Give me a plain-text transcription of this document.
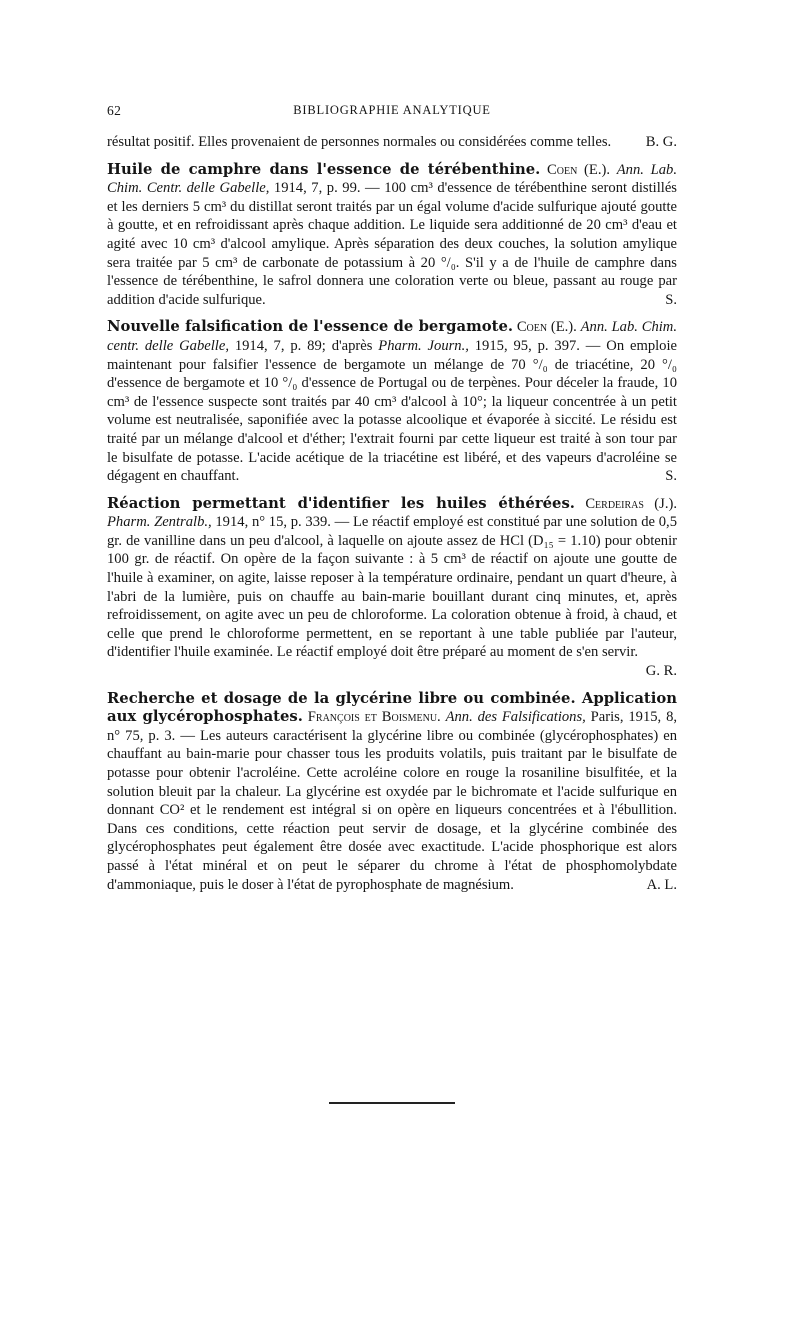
62	BIBLIOGRAPHIE ANALYTIQUE

résultat positif. Elles provenaient de personnes normales ou considérées comme telles.	B. G.

Huile de camphre dans l'essence de térébenthine. Coen (E.). Ann. Lab. Chim. Centr. delle Gabelle, 1914, 7, p. 99. — 100 cm³ d'essence de térébenthine seront distillés et les derniers 5 cm³ du distillat seront traités par un égal volume d'acide sulfurique ajouté goutte à goutte, et en refroidissant après chaque addition. Le liquide sera additionné de 20 cm³ d'eau et agité avec 10 cm³ d'alcool amylique. Après séparation des deux couches, la solution amylique sera traitée par 5 cm³ de carbonate de potassium à 20 °/₀. S'il y a de l'huile de camphre dans l'essence de térébenthine, le safrol donnera une coloration verte ou bleue, passant au rouge par addition d'acide sulfurique.	S.

Nouvelle falsification de l'essence de bergamote. Coen (E.). Ann. Lab. Chim. centr. delle Gabelle, 1914, 7, p. 89; d'après Pharm. Journ., 1915, 95, p. 397. — On emploie maintenant pour falsifier l'essence de bergamote un mélange de 70 °/₀ de triacétine, 20 °/₀ d'essence de bergamote et 10 °/₀ d'essence de Portugal ou de terpènes. Pour déceler la fraude, 10 cm³ de l'essence suspecte sont traités par 40 cm³ d'alcool à 10°; la liqueur concentrée à un petit volume est neutralisée, saponifiée avec la potasse alcoolique et évaporée à siccité. Le résidu est traité par un mélange d'alcool et d'éther; l'extrait fourni par cette liqueur est traité à son tour par le bisulfate de potasse. L'acide acétique de la triacétine est libéré, et des vapeurs d'acroléine se dégagent en chauffant.	S.

Réaction permettant d'identifier les huiles éthérées. Cerdeiras (J.). Pharm. Zentralb., 1914, n° 15, p. 339. — Le réactif employé est constitué par une solution de 0,5 gr. de vanilline dans un peu d'alcool, à laquelle on ajoute assez de HCl (D₁₅ = 1.10) pour obtenir 100 gr. de réactif. On opère de la façon suivante : à 5 cm³ de réactif on ajoute une goutte de l'huile à examiner, on agite, laisse reposer à la température ordinaire, pendant un quart d'heure, à l'abri de la lumière, puis on chauffe au bain-marie bouillant durant cinq minutes, et, après refroidissement, on agite avec un peu de chloroforme. La coloration obtenue à froid, à chaud, et celle que prend le chloroforme permettent, en se reportant à une table publiée par l'auteur, d'identifier l'huile examinée. Le réactif employé doit être préparé au moment de s'en servir.
G. R.

Recherche et dosage de la glycérine libre ou combinée. Application aux glycérophosphates. François et Boismenu. Ann. des Falsifications, Paris, 1915, 8, n° 75, p. 3. — Les auteurs caractérisent la glycérine libre ou combinée (glycérophosphates) en chauffant au bain-marie pour chasser tous les produits volatils, puis traitant par le bisulfate de potasse pour obtenir l'acroléine. Cette acroléine colore en rouge la rosaniline bisulfitée, et la solution bleuit par la chaleur. La glycérine est oxydée par le bichromate et l'acide sulfurique en donnant CO² et le rendement est intégral si on opère en liqueurs concentrées et à l'ébullition. Dans ces conditions, cette réaction peut servir de dosage, et la glycérine combinée des glycérophosphates peut également être dosée avec exactitude. L'acide phosphorique est alors passé à l'état minéral et on peut le séparer du chrome à l'état de phosphomolybdate d'ammoniaque, puis le doser à l'état de pyrophosphate de magnésium.	A. L.
